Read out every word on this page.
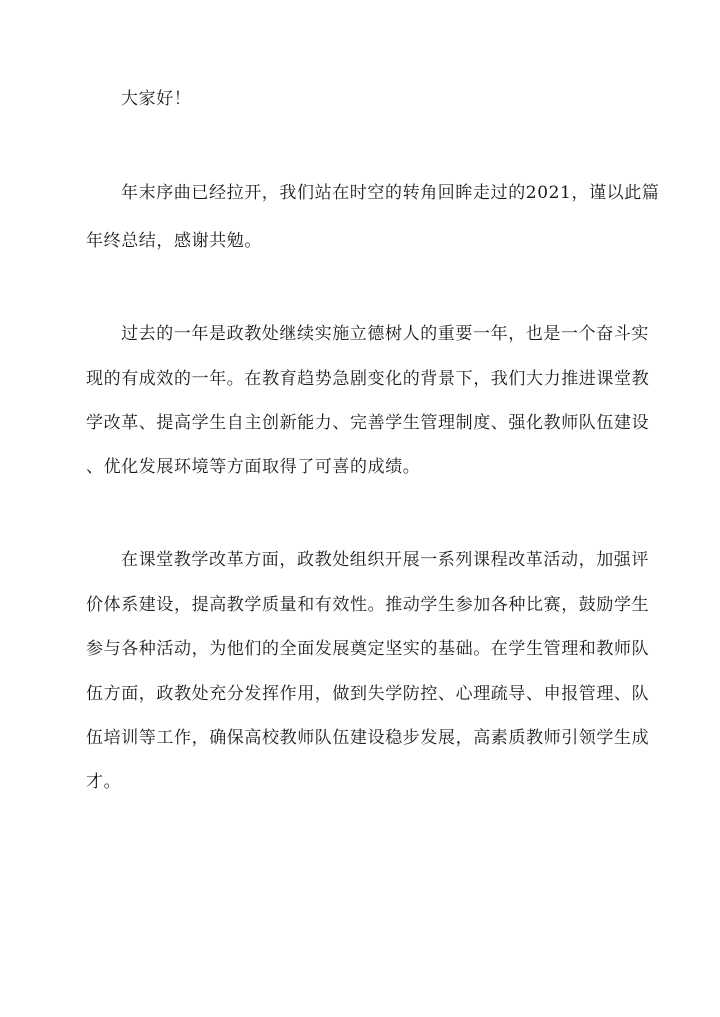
大家好！
年末序曲已经拉开，我们站在时空的转角回眸走过的2021，谨以此篇
年终总结，感谢共勉。
过去的一年是政教处继续实施立德树人的重要一年，也是一个奋斗实
现的有成效的一年。在教育趋势急剧变化的背景下，我们大力推进课堂教
学改革、提高学生自主创新能力、完善学生管理制度、强化教师队伍建设
、优化发展环境等方面取得了可喜的成绩。
在课堂教学改革方面，政教处组织开展一系列课程改革活动，加强评
价体系建设，提高教学质量和有效性。推动学生参加各种比赛，鼓励学生
参与各种活动，为他们的全面发展奠定坚实的基础。在学生管理和教师队
伍方面，政教处充分发挥作用，做到失学防控、心理疏导、申报管理、队
伍培训等工作，确保高校教师队伍建设稳步发展，高素质教师引领学生成
才。
